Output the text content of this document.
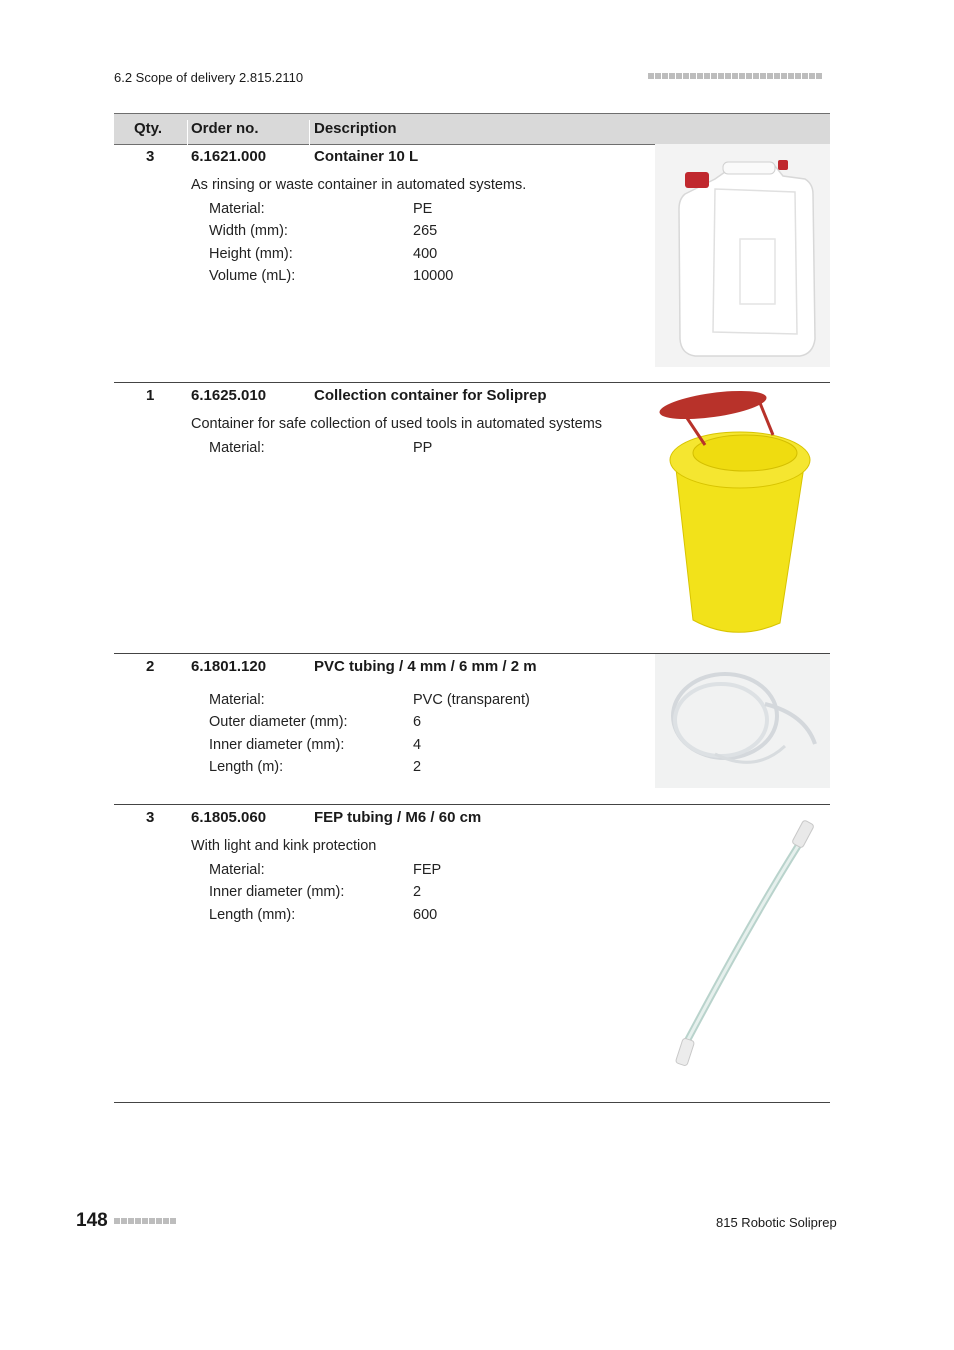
6.2 Scope of delivery 2.815.2110
Qty. Order no.	Description
3 6.1621.000	Container 10 L
As rinsing or waste container in automated systems.
Material:	PE
Width (mm):	265
Height (mm):	400
Volume (mL):	10000
1 6.1625.010	Collection container for Soliprep
Container for safe collection of used tools in automated systems
Material:	PP
2 6.1801.120	PVC tubing / 4 mm / 6 mm / 2 m
Material:	PVC (transparent)
Outer diameter (mm):	6
Inner diameter (mm):	4
Length (m):	2
3 6.1805.060	FEP tubing / M6 / 60 cm
With light and kink protection
Material:	FEP
Inner diameter (mm):	2
Length (mm):	600
148	815 Robotic Soliprep
